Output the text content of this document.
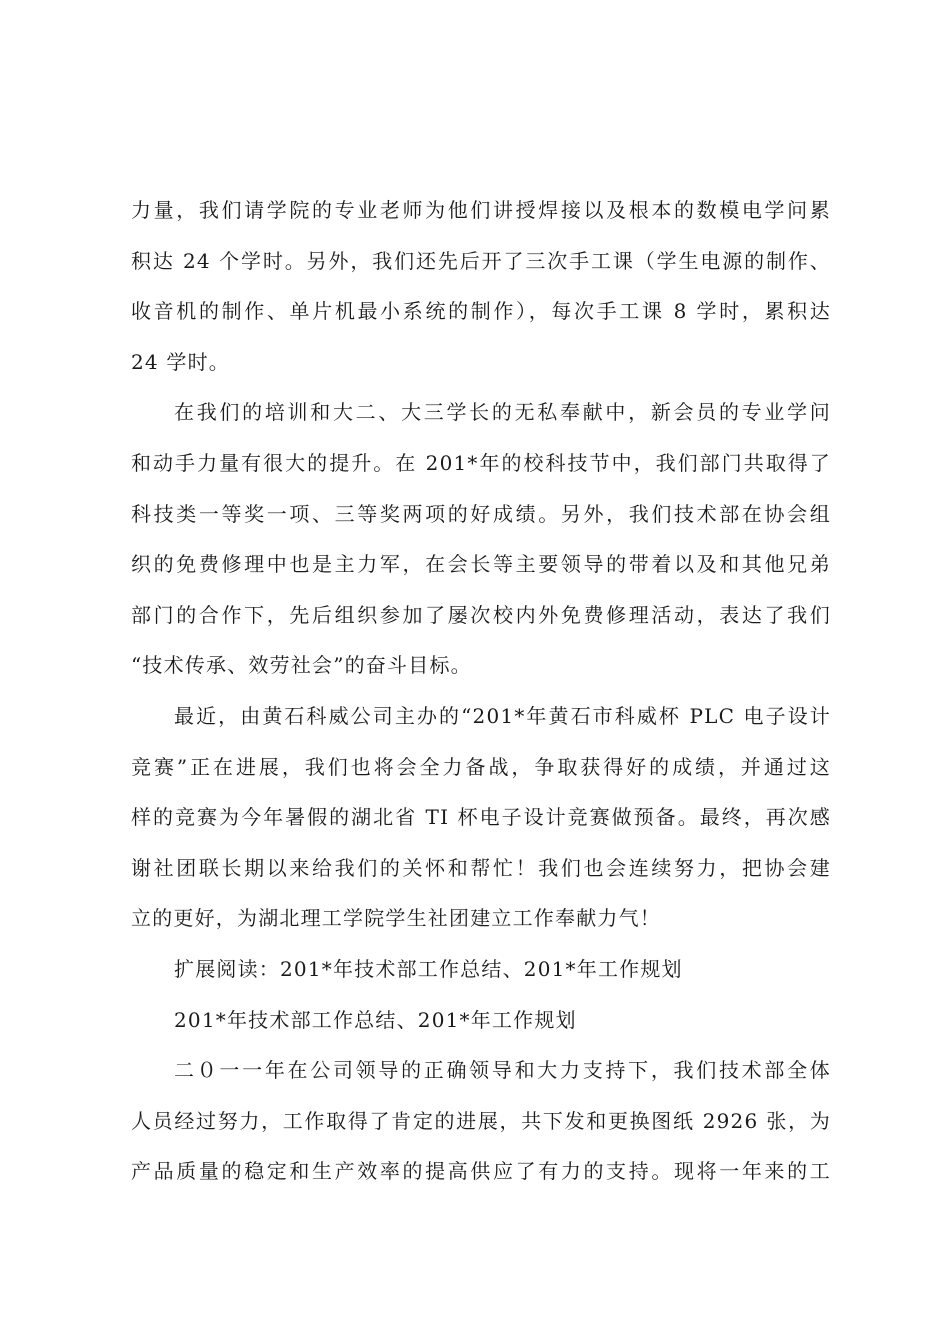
力量，我们请学院的专业老师为他们讲授焊接以及根本的数模电学问累
积达 24 个学时。另外，我们还先后开了三次手工课（学生电源的制作、
收音机的制作、单片机最小系统的制作），每次手工课 8 学时，累积达
24 学时。

在我们的培训和大二、大三学长的无私奉献中，新会员的专业学问
和动手力量有很大的提升。在 201*年的校科技节中，我们部门共取得了
科技类一等奖一项、三等奖两项的好成绩。另外，我们技术部在协会组
织的免费修理中也是主力军，在会长等主要领导的带着以及和其他兄弟
部门的合作下，先后组织参加了屡次校内外免费修理活动，表达了我们
“技术传承、效劳社会”的奋斗目标。

最近，由黄石科威公司主办的“201*年黄石市科威杯 PLC 电子设计
竞赛”正在进展，我们也将会全力备战，争取获得好的成绩，并通过这
样的竞赛为今年暑假的湖北省 TI 杯电子设计竞赛做预备。最终，再次感
谢社团联长期以来给我们的关怀和帮忙！我们也会连续努力，把协会建
立的更好，为湖北理工学院学生社团建立工作奉献力气！

扩展阅读：201*年技术部工作总结、201*年工作规划

201*年技术部工作总结、201*年工作规划

二０一一年在公司领导的正确领导和大力支持下，我们技术部全体
人员经过努力，工作取得了肯定的进展，共下发和更换图纸 2926 张，为
产品质量的稳定和生产效率的提高供应了有力的支持。现将一年来的工
